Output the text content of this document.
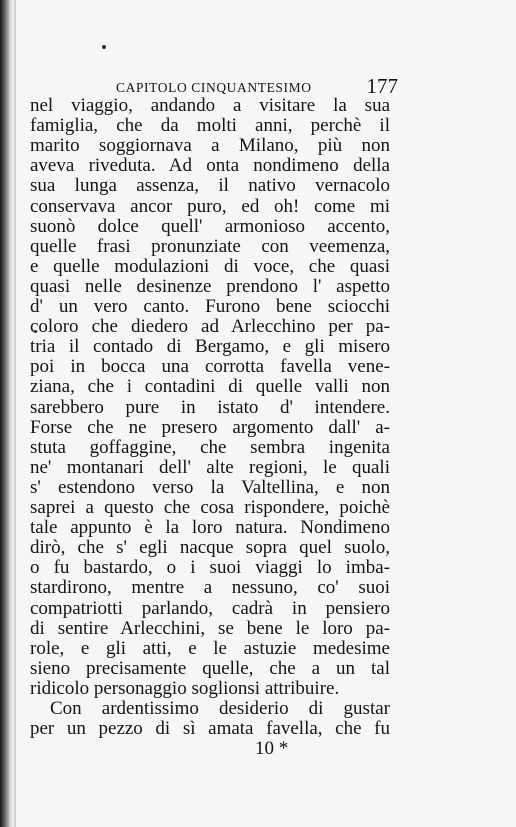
CAPITOLO CINQUANTESIMO	177
nel viaggio, andando a visitare la sua
famiglia, che da molti anni, perchè il
marito soggiornava a Milano, più non
aveva riveduta. Ad onta nondimeno della
sua lunga assenza, il nativo vernacolo
conservava ancor puro, ed oh! come mi
suonò dolce quell' armonioso accento,
quelle frasi pronunziate con veemenza,
e quelle modulazioni di voce, che quasi
quasi nelle desinenze prendono l' aspetto
d' un vero canto. Furono bene sciocchi
coloro che diedero ad Arlecchino per pa-
tria il contado di Bergamo, e gli misero
poi in bocca una corrotta favella vene-
ziana, che i contadini di quelle valli non
sarebbero pure in istato d' intendere.
Forse che ne presero argomento dall' a-
stuta goffaggine, che sembra ingenita
ne' montanari dell' alte regioni, le quali
s' estendono verso la Valtellina, e non
saprei a questo che cosa rispondere, poichè
tale appunto è la loro natura. Nondimeno
dirò, che s' egli nacque sopra quel suolo,
o fu bastardo, o i suoi viaggi lo imba-
stardirono, mentre a nessuno, co' suoi
compatriotti parlando, cadrà in pensiero
di sentire Arlecchini, se bene le loro pa-
role, e gli atti, e le astuzie medesime
sieno precisamente quelle, che a un tal
ridicolo personaggio soglionsi attribuire.
Con ardentissimo desiderio di gustar
per un pezzo di sì amata favella, che fu
10 *
